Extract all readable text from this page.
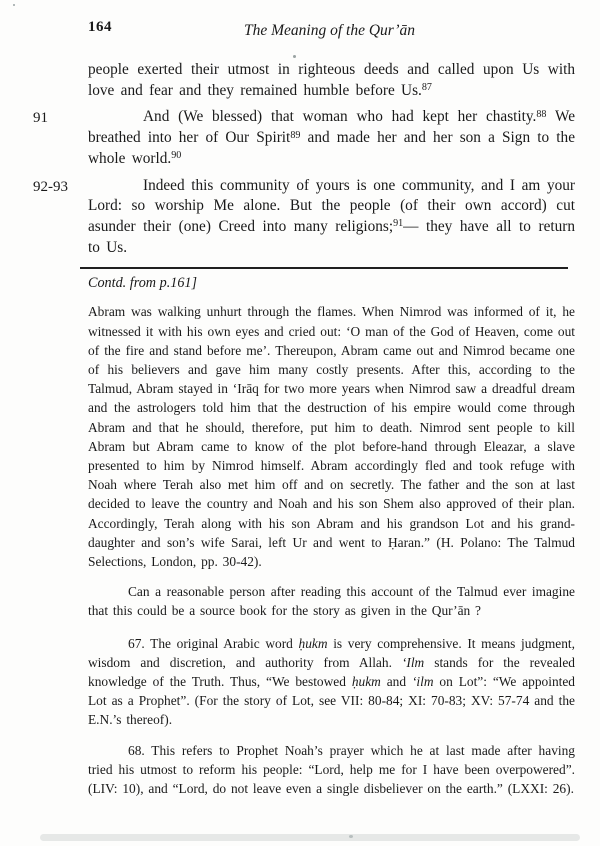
164	The Meaning of the Qur’ān

people exerted their utmost in righteous deeds and called upon Us with love and fear and they remained humble before Us.$^{87}$

91	And (We blessed) that woman who had kept her chastity.$^{88}$ We breathed into her of Our Spirit$^{89}$ and made her and her son a Sign to the whole world.$^{90}$

92-93	Indeed this community of yours is one community, and I am your Lord: so worship Me alone. But the people (of their own accord) cut asunder their (one) Creed into many religions;$^{91}$— they have all to return to Us.

Contd. from p.161]

Abram was walking unhurt through the flames. When Nimrod was informed of it, he witnessed it with his own eyes and cried out: ‘O man of the God of Heaven, come out of the fire and stand before me’. Thereupon, Abram came out and Nimrod became one of his believers and gave him many costly presents. After this, according to the Talmud, Abram stayed in ‘Irāq for two more years when Nimrod saw a dreadful dream and the astrologers told him that the destruction of his empire would come through Abram and that he should, therefore, put him to death. Nimrod sent people to kill Abram but Abram came to know of the plot before-hand through Eleazar, a slave presented to him by Nimrod himself. Abram accordingly fled and took refuge with Noah where Terah also met him off and on secretly. The father and the son at last decided to leave the country and Noah and his son Shem also approved of their plan. Accordingly, Terah along with his son Abram and his grandson Lot and his grand-daughter and son’s wife Sarai, left Ur and went to Ḥaran.” (H. Polano: The Talmud Selections, London, pp. 30-42).

Can a reasonable person after reading this account of the Talmud ever imagine that this could be a source book for the story as given in the Qur’ān ?

67. The original Arabic word ḥukm is very comprehensive. It means judgment, wisdom and discretion, and authority from Allah. ‘Ilm stands for the revealed knowledge of the Truth. Thus, “We bestowed ḥukm and ‘ilm on Lot”: “We appointed Lot as a Prophet”. (For the story of Lot, see VII: 80-84; XI: 70-83; XV: 57-74 and the E.N.’s thereof).

68. This refers to Prophet Noah’s prayer which he at last made after having tried his utmost to reform his people: “Lord, help me for I have been overpowered”. (LIV: 10), and “Lord, do not leave even a single disbeliever on the earth.” (LXXI: 26).
